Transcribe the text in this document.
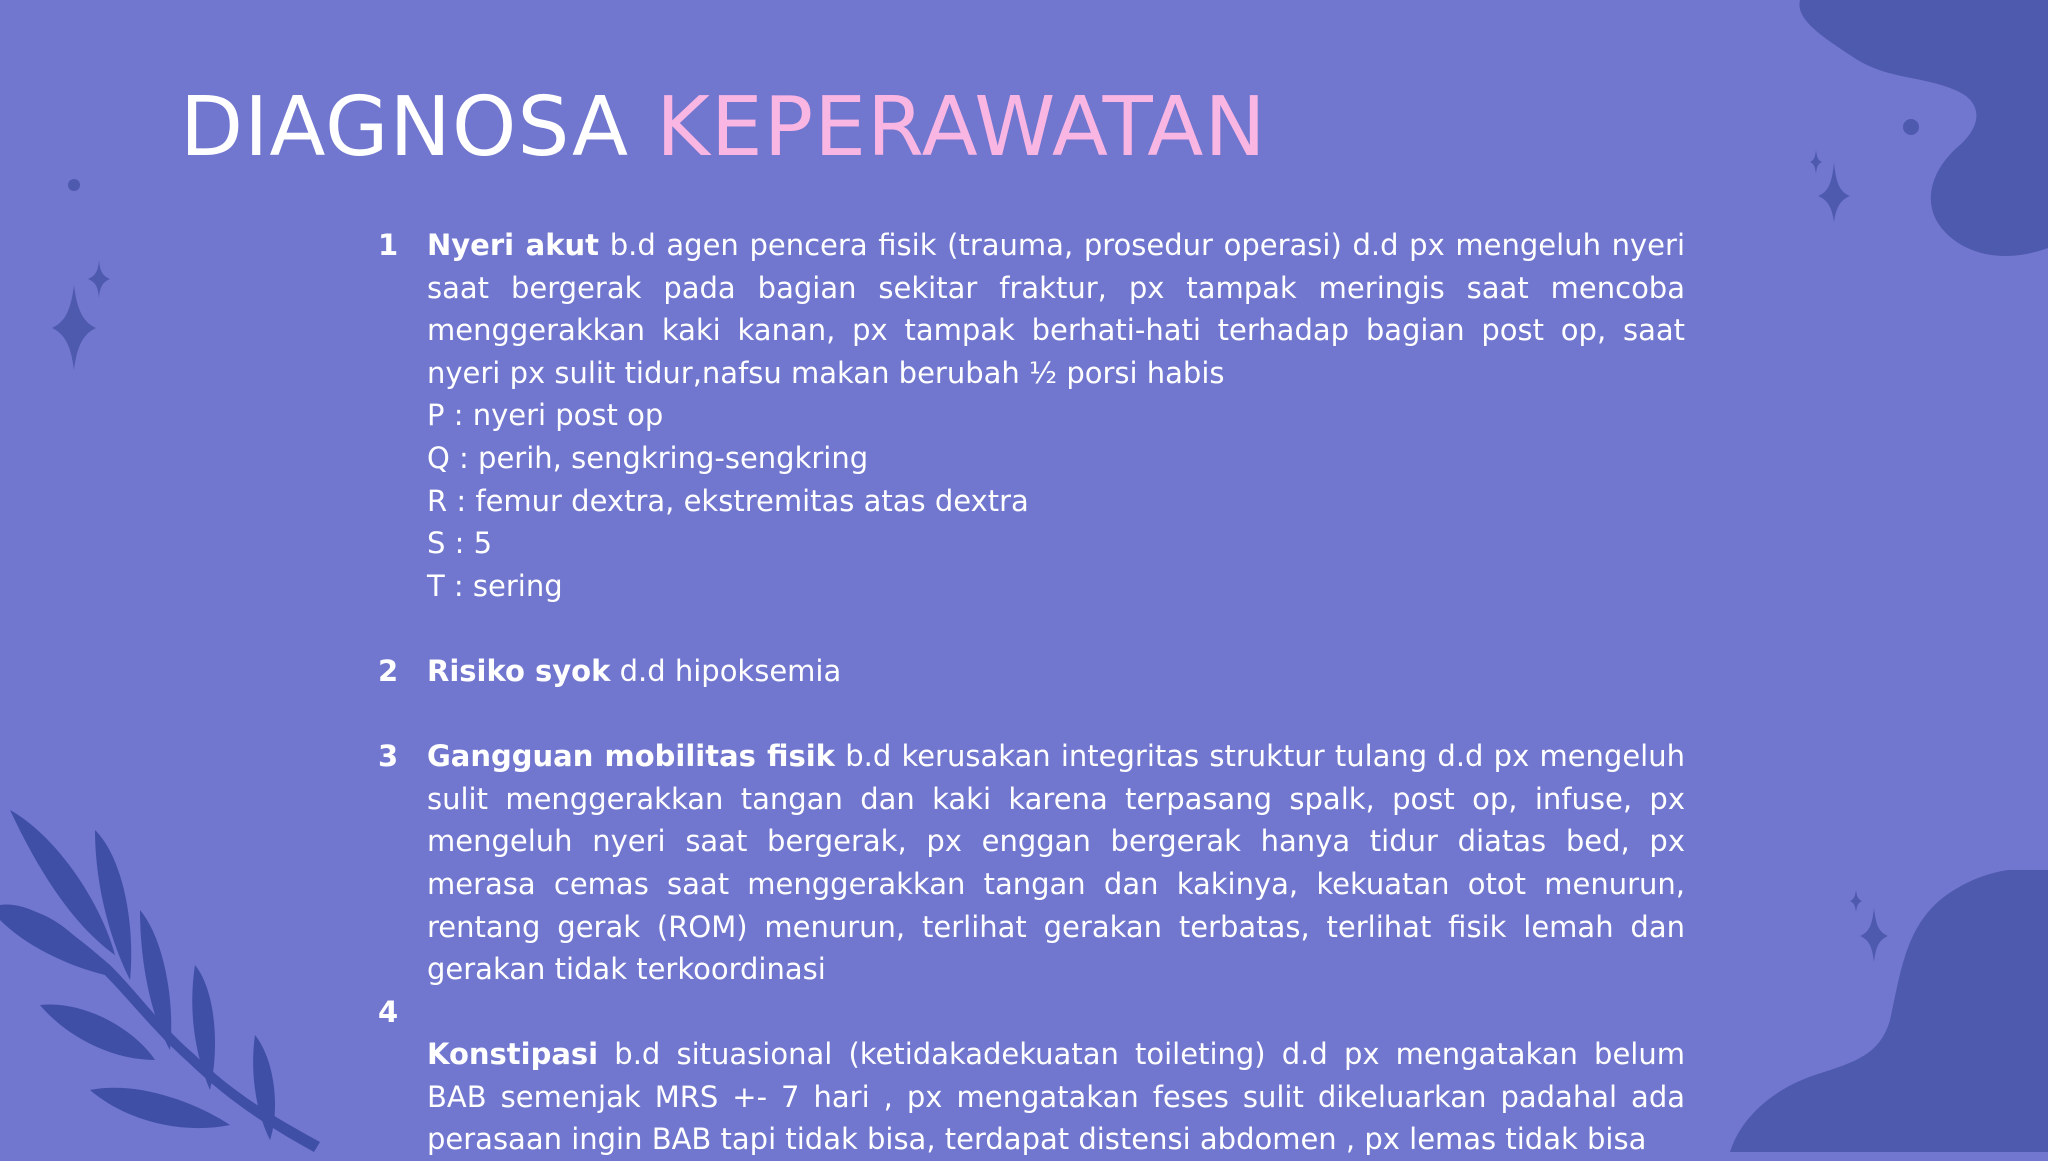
DIAGNOSA KEPERAWATAN
1 Nyeri akut b.d agen pencera fisik (trauma, prosedur operasi) d.d px mengeluh nyeri saat bergerak pada bagian sekitar fraktur, px tampak meringis saat mencoba menggerakkan kaki kanan, px tampak berhati-hati terhadap bagian post op, saat nyeri px sulit tidur,nafsu makan berubah ½ porsi habis

P : nyeri post op

Q : perih, sengkring-sengkring

R : femur dextra, ekstremitas atas dextra

S : 5

T : sering

2 Risiko syok d.d hipoksemia

3 Gangguan mobilitas fisik b.d kerusakan integritas struktur tulang d.d px mengeluh sulit menggerakkan tangan dan kaki karena terpasang spalk, post op, infuse, px mengeluh nyeri saat bergerak, px enggan bergerak hanya tidur diatas bed, px merasa cemas saat menggerakkan tangan dan kakinya, kekuatan otot menurun, rentang gerak (ROM) menurun, terlihat gerakan terbatas, terlihat fisik lemah dan gerakan tidak terkoordinasi

4

Konstipasi b.d situasional (ketidakadekuatan toileting) d.d px mengatakan belum BAB semenjak MRS +- 7 hari , px mengatakan feses sulit dikeluarkan padahal ada perasaan ingin BAB tapi tidak bisa, terdapat distensi abdomen , px lemas tidak bisa
